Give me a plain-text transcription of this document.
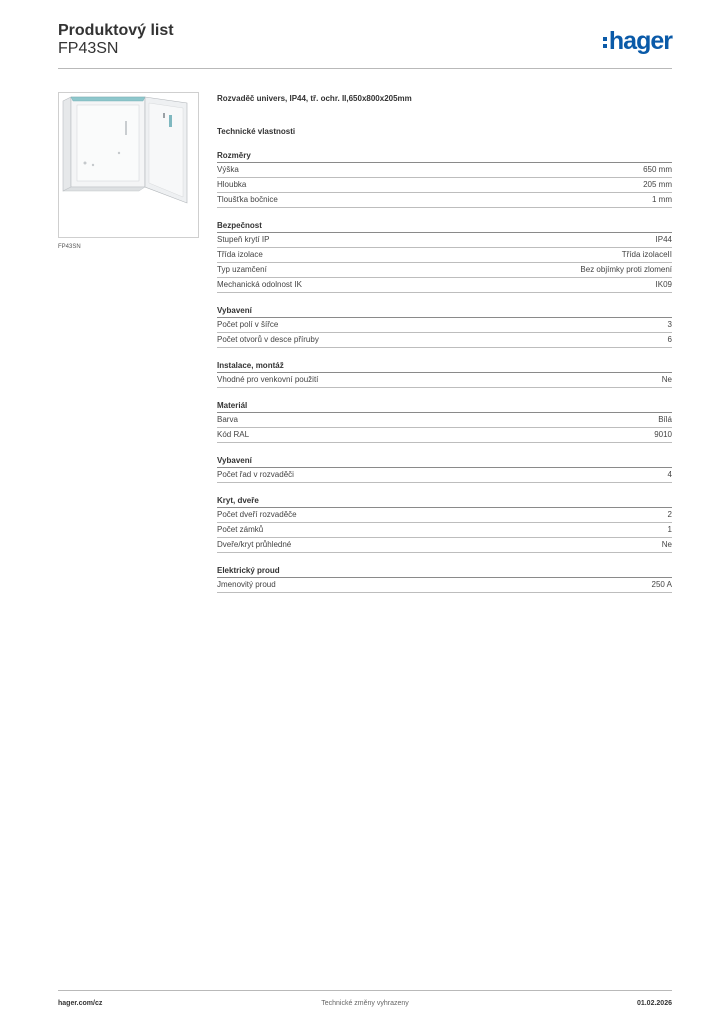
Produktový list
FP43SN	hager
FP43SN
Rozvaděč univers, IP44, tř. ochr. II,650x800x205mm
Technické vlastnosti
Rozměry
Výška	650 mm
Hloubka	205 mm
Tloušťka bočnice	1 mm
Bezpečnost
Stupeň krytí IP	IP44
Třída izolace	Třída izolaceII
Typ uzamčení	Bez objímky proti zlomení
Mechanická odolnost IK	IK09
Vybavení
Počet polí v šířce	3
Počet otvorů v desce příruby	6
Instalace, montáž
Vhodné pro venkovní použití	Ne
Materiál
Barva	Bílá
Kód RAL	9010
Vybavení
Počet řad v rozvaděči	4
Kryt, dveře
Počet dveří rozvaděče	2
Počet zámků	1
Dveře/kryt průhledné	Ne
Elektrický proud
Jmenovitý proud	250 A
hager.com/cz	Technické změny vyhrazeny	01.02.2026
